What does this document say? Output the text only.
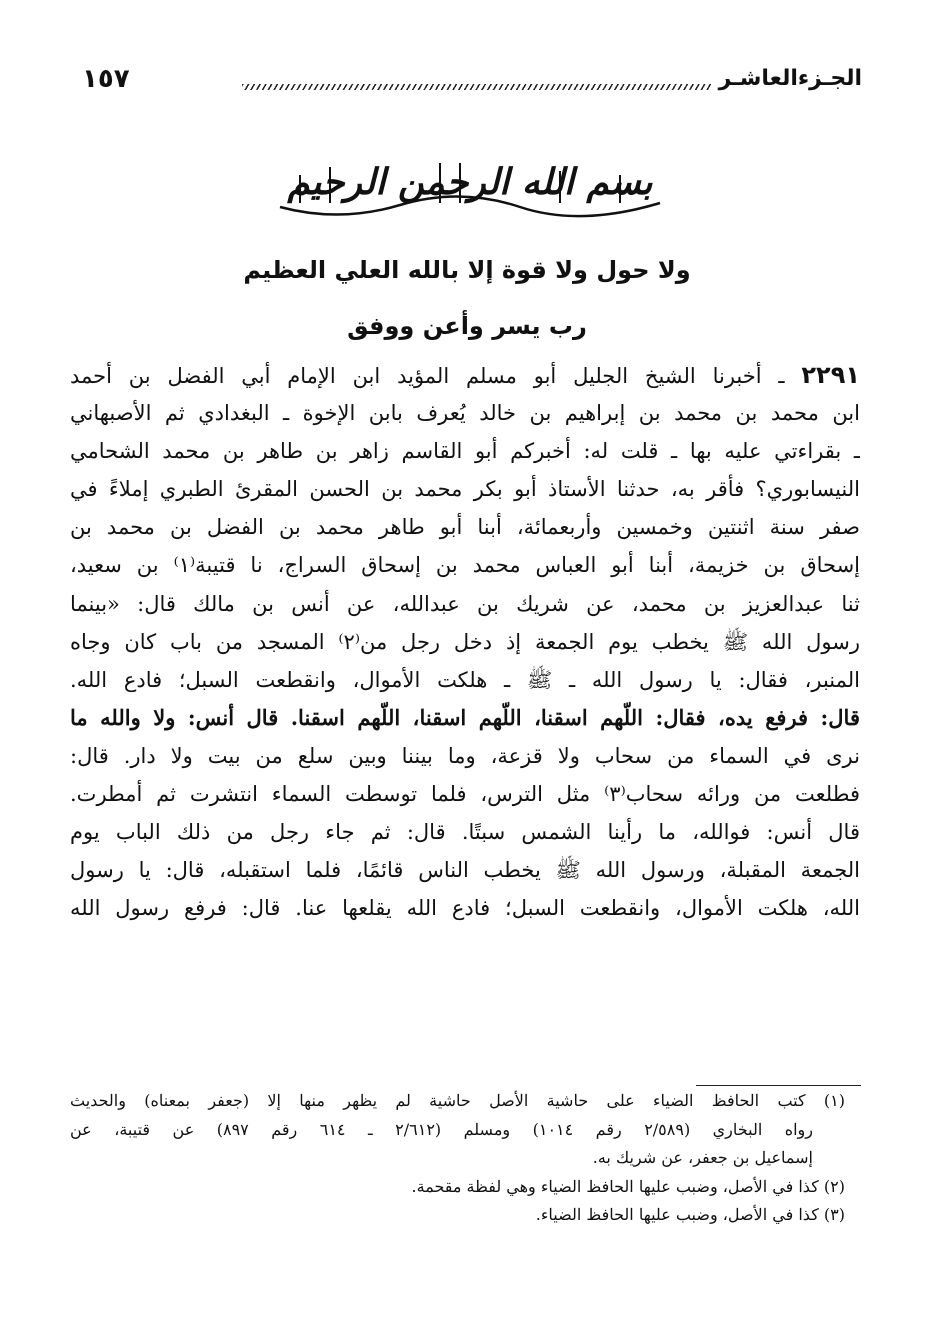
الجـزءالعاشـر
١٥٧
بسم الله الرحمن الرحيم
ولا حول ولا قوة إلا بالله العلي العظيم
رب يسر وأعن ووفق
٢٢٩١ ـ أخبرنا الشيخ الجليل أبو مسلم المؤيد ابن الإمام أبي الفضل بن أحمد
ابن محمد بن محمد بن إبراهيم بن خالد يُعرف بابن الإخوة ـ البغدادي ثم الأصبهاني
ـ بقراءتي عليه بها ـ قلت له: أخبركم أبو القاسم زاهر بن طاهر بن محمد الشحامي
النيسابوري؟ فأقر به، حدثنا الأستاذ أبو بكر محمد بن الحسن المقرئ الطبري إملاءً في
صفر سنة اثنتين وخمسين وأربعمائة، أبنا أبو طاهر محمد بن الفضل بن محمد بن
إسحاق بن خزيمة، أبنا أبو العباس محمد بن إسحاق السراج، نا قتيبة⁽١⁾ بن سعيد،
ثنا عبدالعزيز بن محمد، عن شريك بن عبدالله، عن أنس بن مالك قال: «بينما
رسول الله ﷺ يخطب يوم الجمعة إذ دخل رجل من⁽٢⁾ المسجد من باب كان وجاه
المنبر، فقال: يا رسول الله ـ ﷺ ـ هلكت الأموال، وانقطعت السبل؛ فادع الله.
قال: فرفع يده، فقال: اللّهم اسقنا، اللّهم اسقنا، اللّهم اسقنا. قال أنس: ولا والله ما
نرى في السماء من سحاب ولا قزعة، وما بيننا وبين سلع من بيت ولا دار. قال:
فطلعت من ورائه سحاب⁽٣⁾ مثل الترس، فلما توسطت السماء انتشرت ثم أمطرت.
قال أنس: فوالله، ما رأينا الشمس سبتًا. قال: ثم جاء رجل من ذلك الباب يوم
الجمعة المقبلة، ورسول الله ﷺ يخطب الناس قائمًا، فلما استقبله، قال: يا رسول
الله، هلكت الأموال، وانقطعت السبل؛ فادع الله يقلعها عنا. قال: فرفع رسول الله
(١) كتب الحافظ الضياء على حاشية الأصل حاشية لم يظهر منها إلا (جعفر بمعناه) والحديث
رواه البخاري (٢/٥٨٩ رقم ١٠١٤) ومسلم (٢/٦١٢ ـ ٦١٤ رقم ٨٩٧) عن قتيبة، عن
إسماعيل بن جعفر، عن شريك به.
(٢) كذا في الأصل، وضبب عليها الحافظ الضياء وهي لفظة مقحمة.
(٣) كذا في الأصل، وضبب عليها الحافظ الضياء.
